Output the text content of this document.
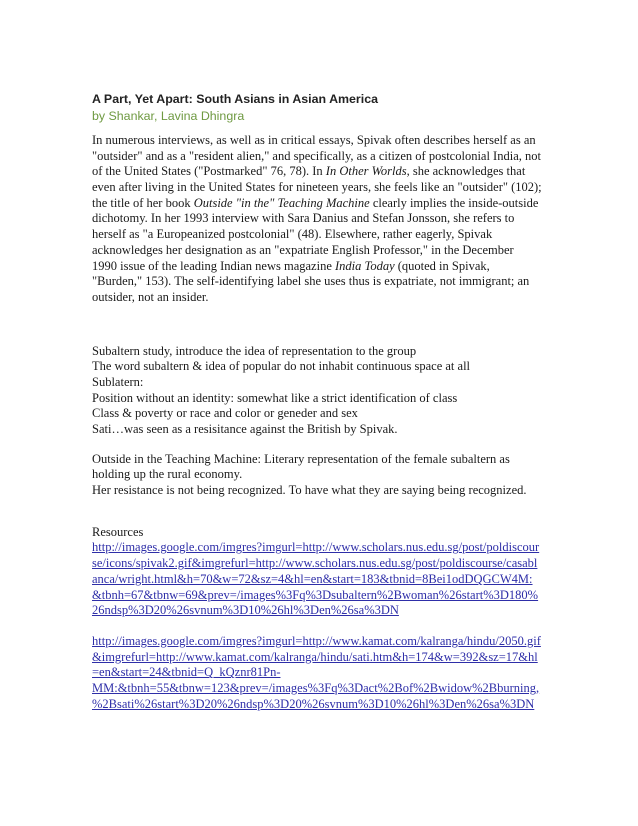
A Part, Yet Apart: South Asians in Asian America
by Shankar, Lavina Dhingra
In numerous interviews, as well as in critical essays, Spivak often describes herself as an
"outsider" and as a "resident alien," and specifically, as a citizen of postcolonial India, not
of the United States ("Postmarked" 76, 78). In In Other Worlds, she acknowledges that
even after living in the United States for nineteen years, she feels like an "outsider" (102);
the title of her book Outside "in the" Teaching Machine clearly implies the inside-outside
dichotomy. In her 1993 interview with Sara Danius and Stefan Jonsson, she refers to
herself as "a Europeanized postcolonial" (48). Elsewhere, rather eagerly, Spivak
acknowledges her designation as an "expatriate English Professor," in the December
1990 issue of the leading Indian news magazine India Today (quoted in Spivak,
"Burden," 153). The self-identifying label she uses thus is expatriate, not immigrant; an
outsider, not an insider.
Subaltern study, introduce the idea of representation to the group
The word subaltern & idea of popular do not inhabit continuous space at all
Sublatern:
Position without an identity: somewhat like a strict identification of class
Class & poverty or race and color or geneder and sex
Sati…was seen as a resisitance against the British by Spivak.
Outside in the Teaching Machine: Literary representation of the female subaltern as
holding up the rural economy.
Her resistance is not being recognized. To have what they are saying being recognized.
Resources
http://images.google.com/imgres?imgurl=http://www.scholars.nus.edu.sg/post/poldiscour
se/icons/spivak2.gif&imgrefurl=http://www.scholars.nus.edu.sg/post/poldiscourse/casabl
anca/wright.html&h=70&w=72&sz=4&hl=en&start=183&tbnid=8Bei1odDQGCW4M:
&tbnh=67&tbnw=69&prev=/images%3Fq%3Dsubaltern%2Bwoman%26start%3D180%
26ndsp%3D20%26svnum%3D10%26hl%3Den%26sa%3DN
http://images.google.com/imgres?imgurl=http://www.kamat.com/kalranga/hindu/2050.gif
&imgrefurl=http://www.kamat.com/kalranga/hindu/sati.htm&h=174&w=392&sz=17&hl
=en&start=24&tbnid=Q_kQznr81Pn-
MM:&tbnh=55&tbnw=123&prev=/images%3Fq%3Dact%2Bof%2Bwidow%2Bburning,
%2Bsati%26start%3D20%26ndsp%3D20%26svnum%3D10%26hl%3Den%26sa%3DN
